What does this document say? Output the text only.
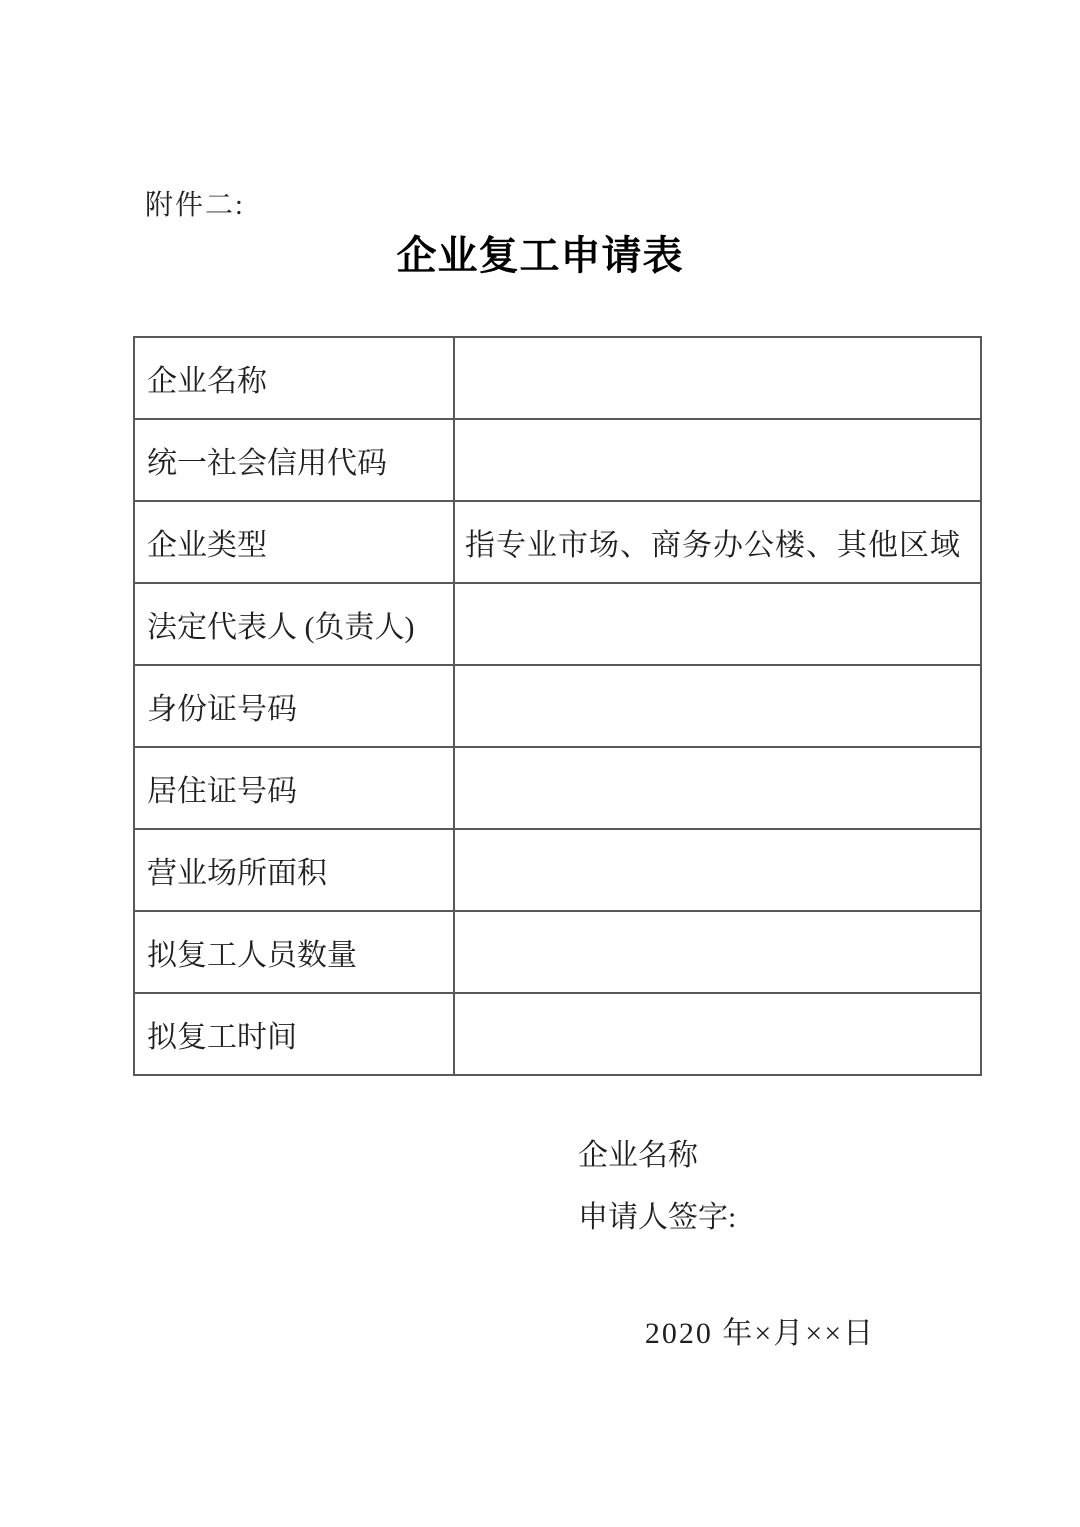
附件二:
企业复工申请表
企业名称	
统一社会信用代码	
企业类型	指专业市场、商务办公楼、其他区域
法定代表人 (负责人)	
身份证号码	
居住证号码	
营业场所面积	
拟复工人员数量	
拟复工时间	
企业名称
申请人签字:
2020 年×月××日
